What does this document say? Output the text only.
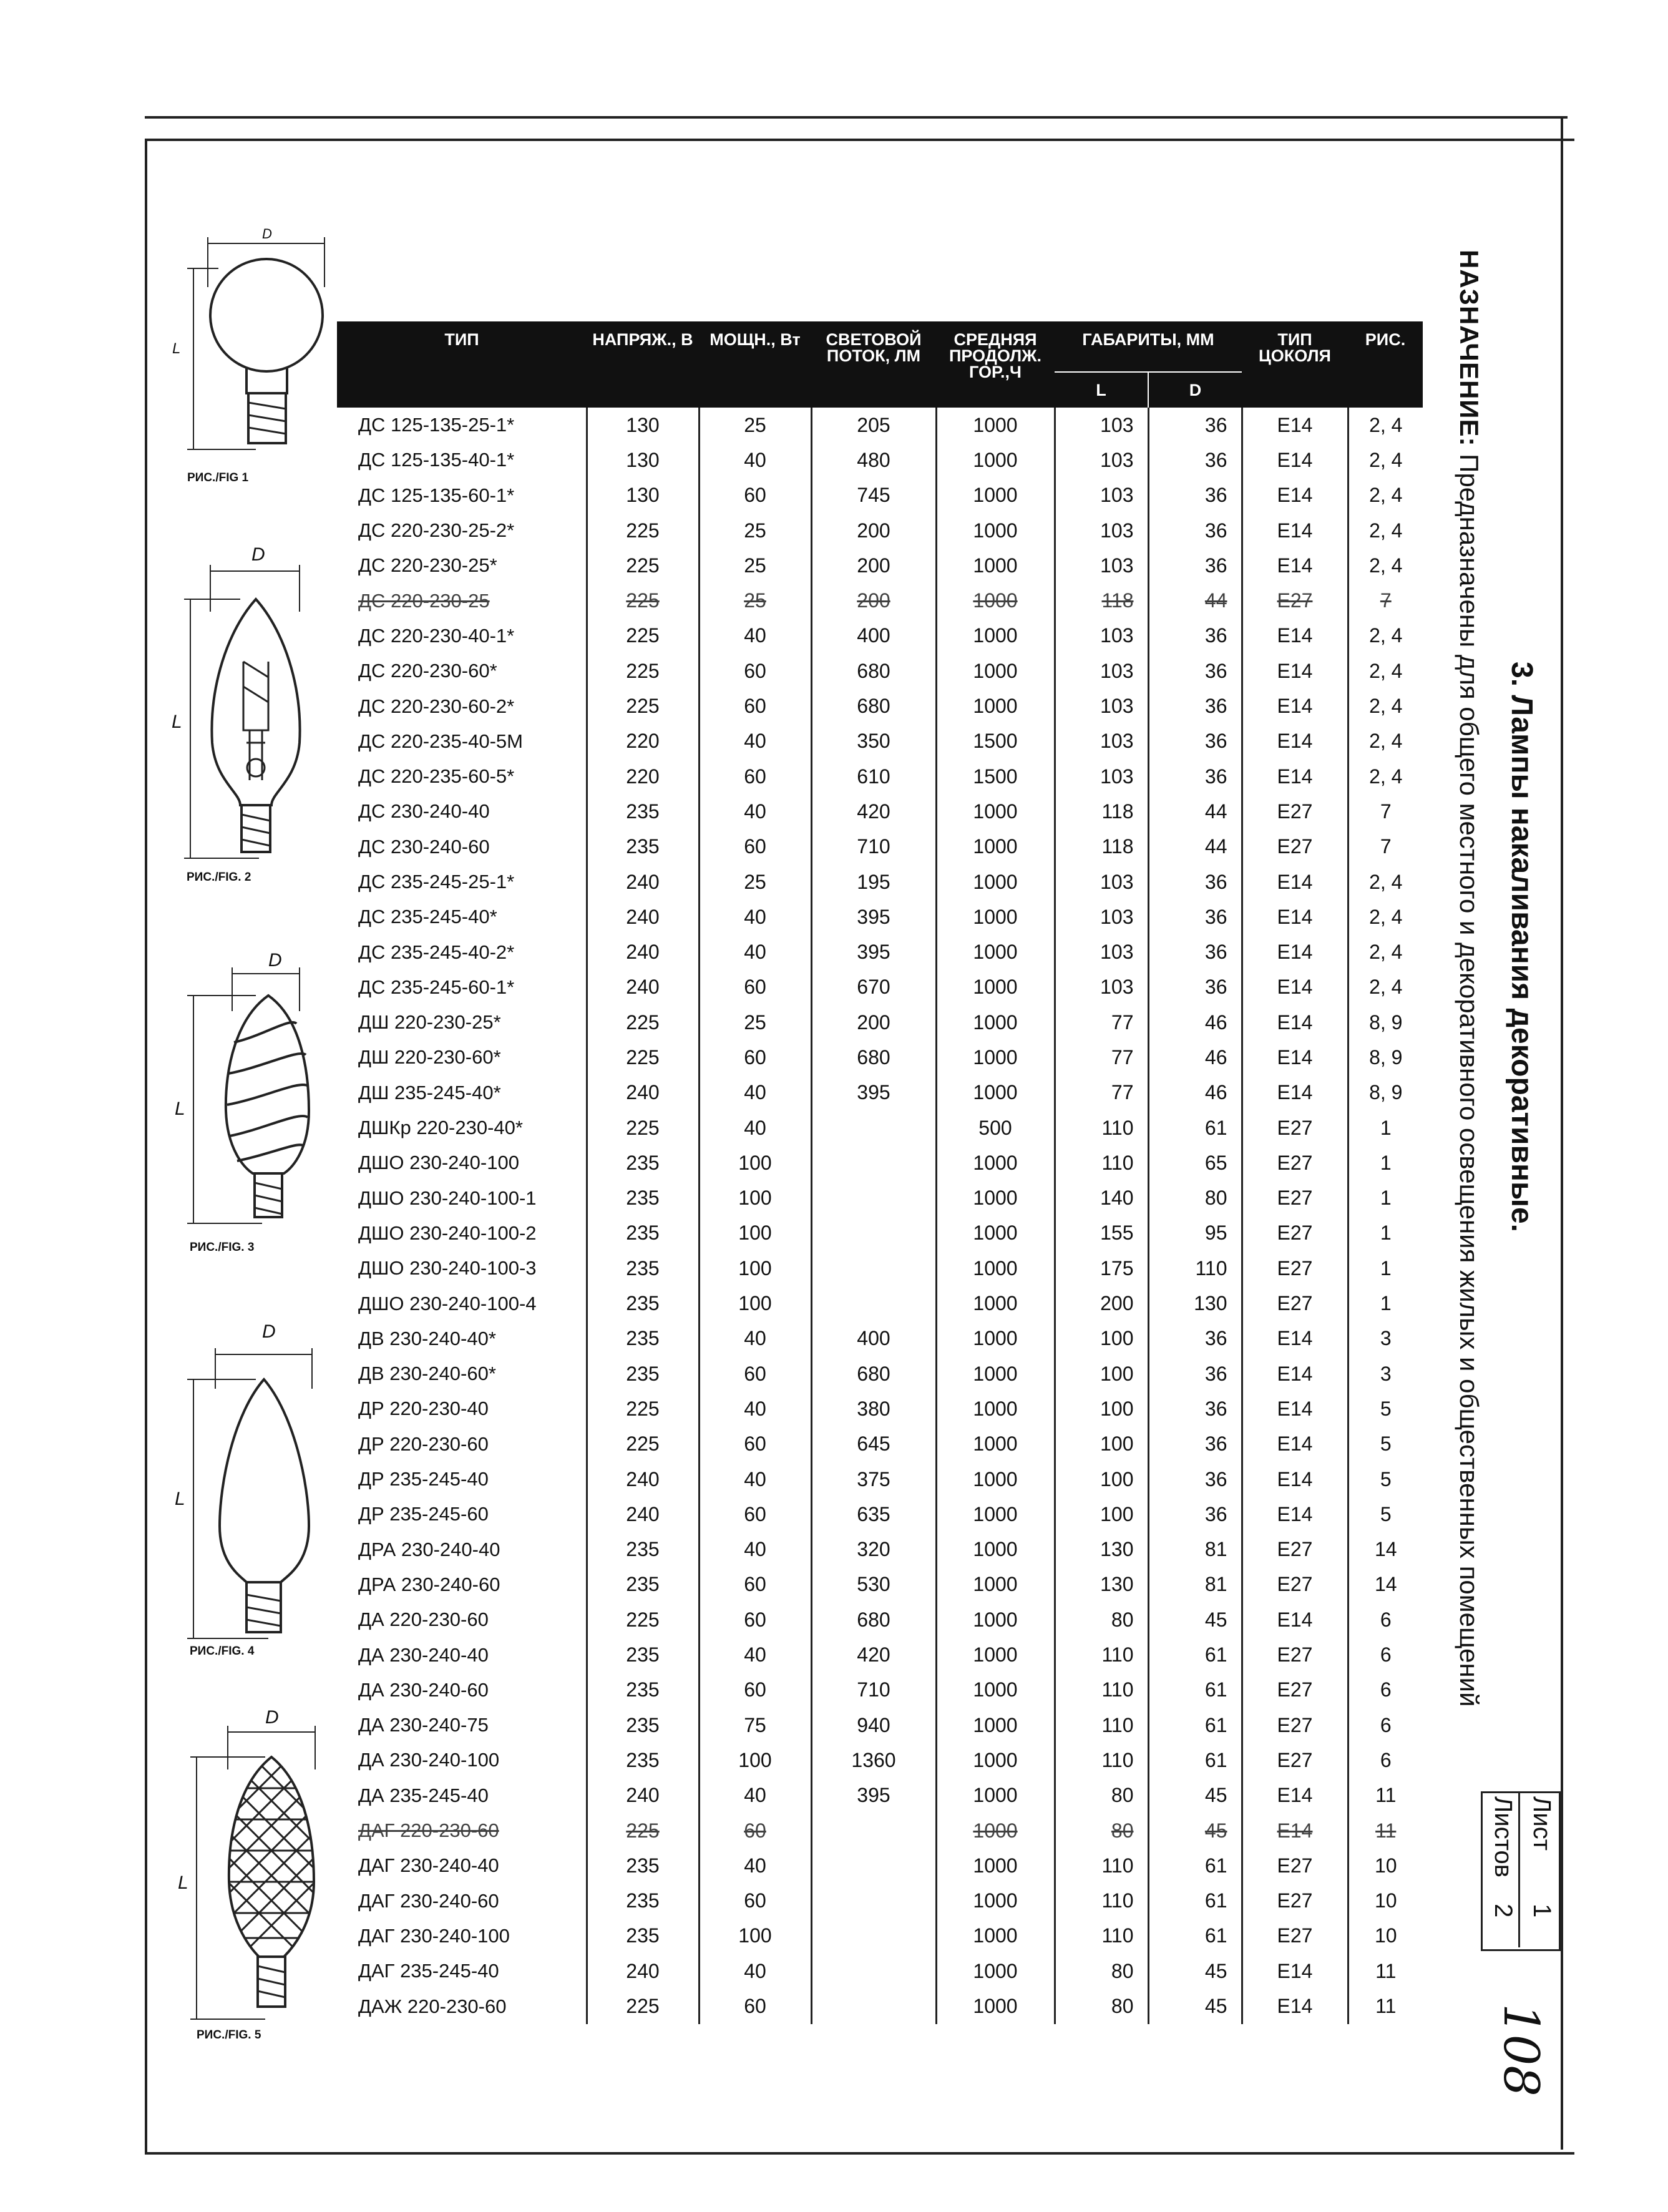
НАЗНАЧЕНИЕ: Предназначены для общего местного и декоративного освещения жилых и общественных помещений 3. Лампы накаливания декоративные.
Лист
1
Листов
2
108
D
L
РИС./FIG 1
D
L
РИС./FIG. 2
D
L
РИС./FIG. 3
D
L
РИС./FIG. 4
D
L
РИС./FIG. 5
ТИП	НАПРЯЖ., В	МОЩН., Вт	СВЕТОВОЙ ПОТОК, ЛМ	СРЕДНЯЯ ПРОДОЛЖ. ГОР.,Ч	ГАБАРИТЫ, ММ		ТИП ЦОКОЛЯ	РИС.
					L	D		
ДС 125-135-25-1*	130	25	205	1000	103	36	E14	2, 4
ДС 125-135-40-1*	130	40	480	1000	103	36	E14	2, 4
ДС 125-135-60-1*	130	60	745	1000	103	36	E14	2, 4
ДС 220-230-25-2*	225	25	200	1000	103	36	E14	2, 4
ДС 220-230-25*	225	25	200	1000	103	36	E14	2, 4
ДС 220-230-25	225	25	200	1000	118	44	E27	7
ДС 220-230-40-1*	225	40	400	1000	103	36	E14	2, 4
ДС 220-230-60*	225	60	680	1000	103	36	E14	2, 4
ДС 220-230-60-2*	225	60	680	1000	103	36	E14	2, 4
ДС 220-235-40-5М	220	40	350	1500	103	36	E14	2, 4
ДС 220-235-60-5*	220	60	610	1500	103	36	E14	2, 4
ДС 230-240-40	235	40	420	1000	118	44	E27	7
ДС 230-240-60	235	60	710	1000	118	44	E27	7
ДС 235-245-25-1*	240	25	195	1000	103	36	E14	2, 4
ДС 235-245-40*	240	40	395	1000	103	36	E14	2, 4
ДС 235-245-40-2*	240	40	395	1000	103	36	E14	2, 4
ДС 235-245-60-1*	240	60	670	1000	103	36	E14	2, 4
ДШ 220-230-25*	225	25	200	1000	77	46	E14	8, 9
ДШ 220-230-60*	225	60	680	1000	77	46	E14	8, 9
ДШ 235-245-40*	240	40	395	1000	77	46	E14	8, 9
ДШКр 220-230-40*	225	40		500	110	61	E27	1
ДШО 230-240-100	235	100		1000	110	65	E27	1
ДШО 230-240-100-1	235	100		1000	140	80	E27	1
ДШО 230-240-100-2	235	100		1000	155	95	E27	1
ДШО 230-240-100-3	235	100		1000	175	110	E27	1
ДШО 230-240-100-4	235	100		1000	200	130	E27	1
ДВ 230-240-40*	235	40	400	1000	100	36	E14	3
ДВ 230-240-60*	235	60	680	1000	100	36	E14	3
ДР 220-230-40	225	40	380	1000	100	36	E14	5
ДР 220-230-60	225	60	645	1000	100	36	E14	5
ДР 235-245-40	240	40	375	1000	100	36	E14	5
ДР 235-245-60	240	60	635	1000	100	36	E14	5
ДРА 230-240-40	235	40	320	1000	130	81	E27	14
ДРА 230-240-60	235	60	530	1000	130	81	E27	14
ДА 220-230-60	225	60	680	1000	80	45	E14	6
ДА 230-240-40	235	40	420	1000	110	61	E27	6
ДА 230-240-60	235	60	710	1000	110	61	E27	6
ДА 230-240-75	235	75	940	1000	110	61	E27	6
ДА 230-240-100	235	100	1360	1000	110	61	E27	6
ДА 235-245-40	240	40	395	1000	80	45	E14	11
ДАГ 220-230-60	225	60		1000	80	45	E14	11
ДАГ 230-240-40	235	40		1000	110	61	E27	10
ДАГ 230-240-60	235	60		1000	110	61	E27	10
ДАГ 230-240-100	235	100		1000	110	61	E27	10
ДАГ 235-245-40	240	40		1000	80	45	E14	11
ДАЖ 220-230-60	225	60		1000	80	45	E14	11
